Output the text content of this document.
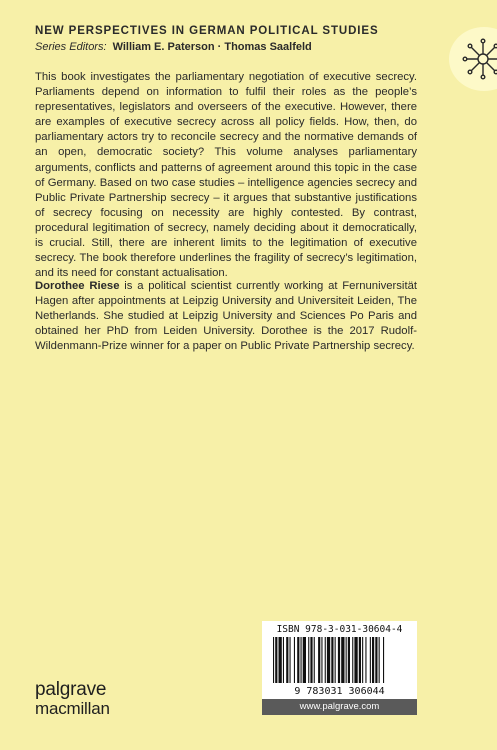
NEW PERSPECTIVES IN GERMAN POLITICAL STUDIES
Series Editors: William E. Paterson · Thomas Saalfeld

This book investigates the parliamentary negotiation of executive secrecy. Parliaments depend on information to fulfil their roles as the people’s representatives, legislators and overseers of the executive. However, there are examples of executive secrecy across all policy fields. How, then, do parliamentary actors try to reconcile secrecy and the normative demands of an open, democratic society? This volume analyses parliamentary arguments, conflicts and patterns of agreement around this topic in the case of Germany. Based on two case studies – intelligence agencies secrecy and Public Private Partnership secrecy – it argues that substantive justifications of secrecy focusing on necessity are highly contested. By contrast, procedural legitimation of secrecy, namely deciding about it democratically, is crucial. Still, there are inherent limits to the legitimation of executive secrecy. The book therefore underlines the fragility of secrecy’s legitimation, and its need for constant actualisation.

Dorothee Riese is a political scientist currently working at Fernuniversität Hagen after appointments at Leipzig University and Universiteit Leiden, The Netherlands. She studied at Leipzig University and Sciences Po Paris and obtained her PhD from Leiden University. Dorothee is the 2017 Rudolf- Wildenmann-Prize winner for a paper on Public Private Partnership secrecy.

ISBN 978-3-031-30604-4
9 783031 306044
www.palgrave.com
palgrave
macmillan
